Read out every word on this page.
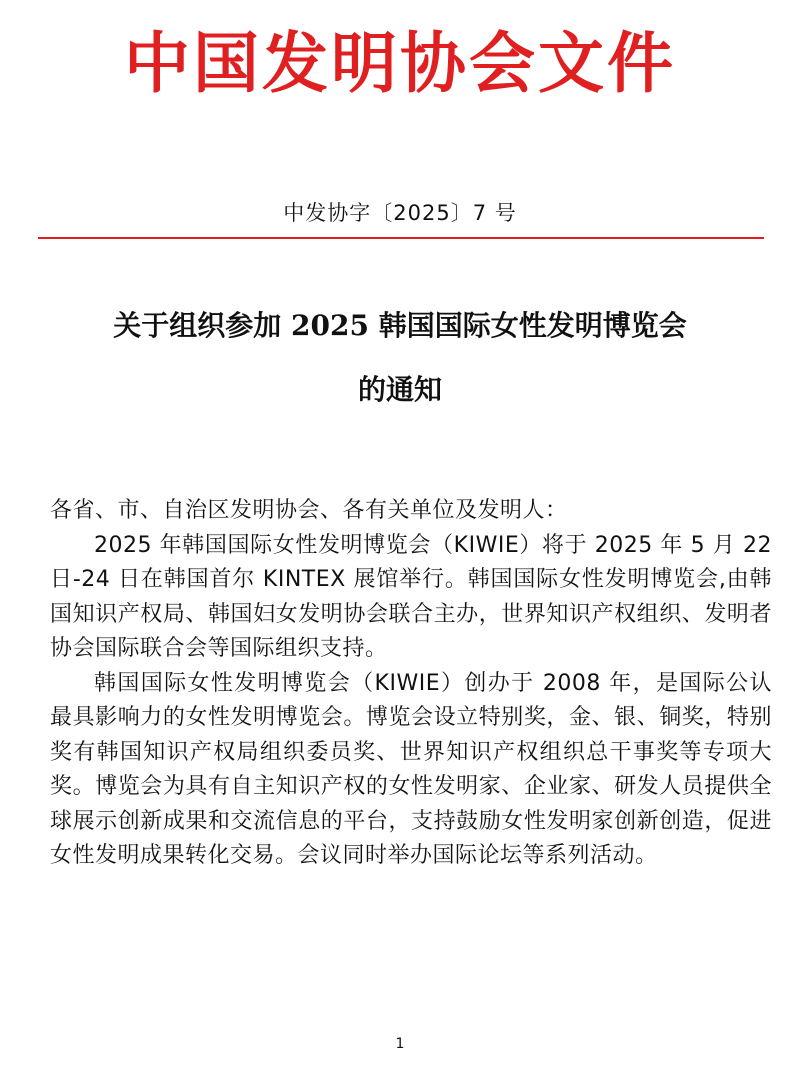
中国发明协会文件
中发协字〔2025〕7 号
关于组织参加 2025 韩国国际女性发明博览会
的通知

各省、市、自治区发明协会、各有关单位及发明人：

2025 年韩国国际女性发明博览会（KIWIE）将于 2025 年 5 月 22 日-24 日在韩国首尔 KINTEX 展馆举行。韩国国际女性发明博览会,由韩国知识产权局、韩国妇女发明协会联合主办，世界知识产权组织、发明者协会国际联合会等国际组织支持。

韩国国际女性发明博览会（KIWIE）创办于 2008 年，是国际公认最具影响力的女性发明博览会。博览会设立特别奖，金、银、铜奖，特别奖有韩国知识产权局组织委员奖、世界知识产权组织总干事奖等专项大奖。博览会为具有自主知识产权的女性发明家、企业家、研发人员提供全球展示创新成果和交流信息的平台，支持鼓励女性发明家创新创造，促进女性发明成果转化交易。会议同时举办国际论坛等系列活动。

1
